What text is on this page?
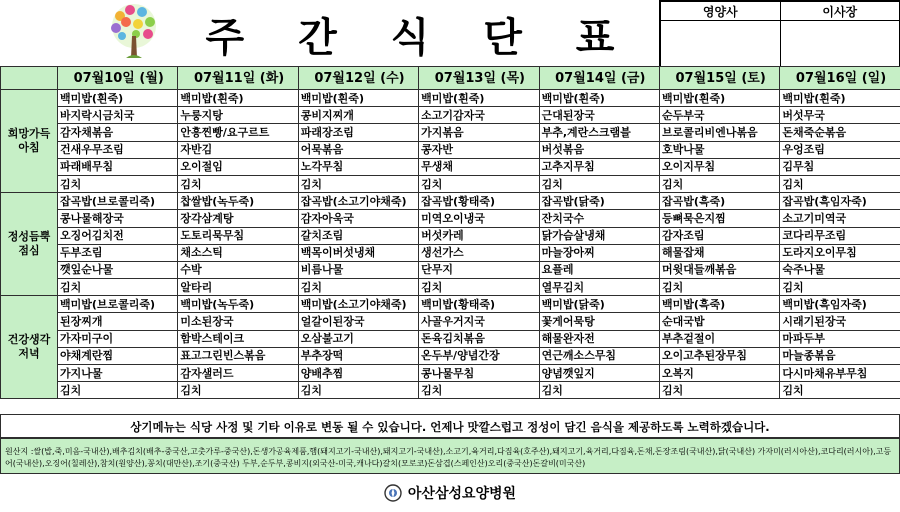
주 간 식 단 표
영양사	이사장

	07월10일 (월)	07월11일 (화)	07월12일 (수)	07월13일 (목)	07월14일 (금)	07월15일 (토)	07월16일 (일)
희망가득
아침	백미밥(흰죽)	백미밥(흰죽)	백미밥(흰죽)	백미밥(흰죽)	백미밥(흰죽)	백미밥(흰죽)	백미밥(흰죽)
	바지락시금치국	누룽지탕	콩비지찌개	소고기감자국	근대된장국	순두부국	버섯무국
	감자채볶음	안흥찐빵/요구르트	파래장조림	가지볶음	부추,계란스크램블	브로콜리비엔나볶음	돈채죽순볶음
	건새우무조림	자반김	어묵볶음	콩자반	버섯볶음	호박나물	우엉조림
	파래배무침	오이절임	노각무침	무생채	고추지무침	오이지무침	김무침
	김치	김치	김치	김치	김치	김치	김치
정성듬뿍
점심	잡곡밥(브로콜리죽)	찹쌀밥(녹두죽)	잡곡밥(소고기야채죽)	잡곡밥(황태죽)	잡곡밥(닭죽)	잡곡밥(흑죽)	잡곡밥(흑임자죽)
	콩나물해장국	장각삼계탕	감자아욱국	미역오이냉국	잔치국수	등뼈묵은지찜	소고기미역국
	오징어김치전	도토리묵무침	갈치조림	버섯카레	닭가슴살냉채	감자조림	코다리무조림
	두부조림	채소스틱	백목이버섯냉채	생선가스	마늘장아찌	해물잡채	도라지오이무침
	깻잎순나물	수박	비름나물	단무지	요플레	머윗대들깨볶음	숙주나물
	김치	알타리	김치	김치	열무김치	김치	김치
건강생각
저녁	백미밥(브로콜리죽)	백미밥(녹두죽)	백미밥(소고기야채죽)	백미밥(황태죽)	백미밥(닭죽)	백미밥(흑죽)	백미밥(흑임자죽)
	된장찌개	미소된장국	얼갈이된장국	사골우거지국	꽃게어묵탕	순대국밥	시래기된장국
	가자미구이	함박스테이크	오삼불고기	돈육김치볶음	해물완자전	부추겉절이	마파두부
	야채계란찜	표고그린빈스볶음	부추장떡	온두부/양념간장	연근깨소스무침	오이고추된장무침	마늘종볶음
	가지나물	감자샐러드	양배추찜	콩나물무침	양념깻잎지	오복지	다시마채유부무침
	김치	김치	김치	김치	김치	김치	김치
상기메뉴는 식당 사정 및 기타 이유로 변동 될 수 있습니다. 언제나 맛깔스럽고 정성이 담긴 음식을 제공하도록 노력하겠습니다.
원산지 :쌀(밥,죽,미음-국내산),배추김치(배추-중국산,고춧가루-중국산),돈생가공육제품,햄(돼지고기-국내산),돼지고기-국내산),소고기,육거리,다짐육(호주산),돼지고기,육거리,다짐육,돈채,돈장조림(국내산),닭(국내산) 가자미(러시아산),코다리(러시아),고등어(국내산),오징어(칠레산),참치(원양산),꽁치(대만산),조기(중국산) 두부,순두부,콩비지(외국산-미국,캐나다)갈치(모로코)돈삼겹(스페인산)오리(중국산)돈갈비(미국산)
아산삼성요양병원
